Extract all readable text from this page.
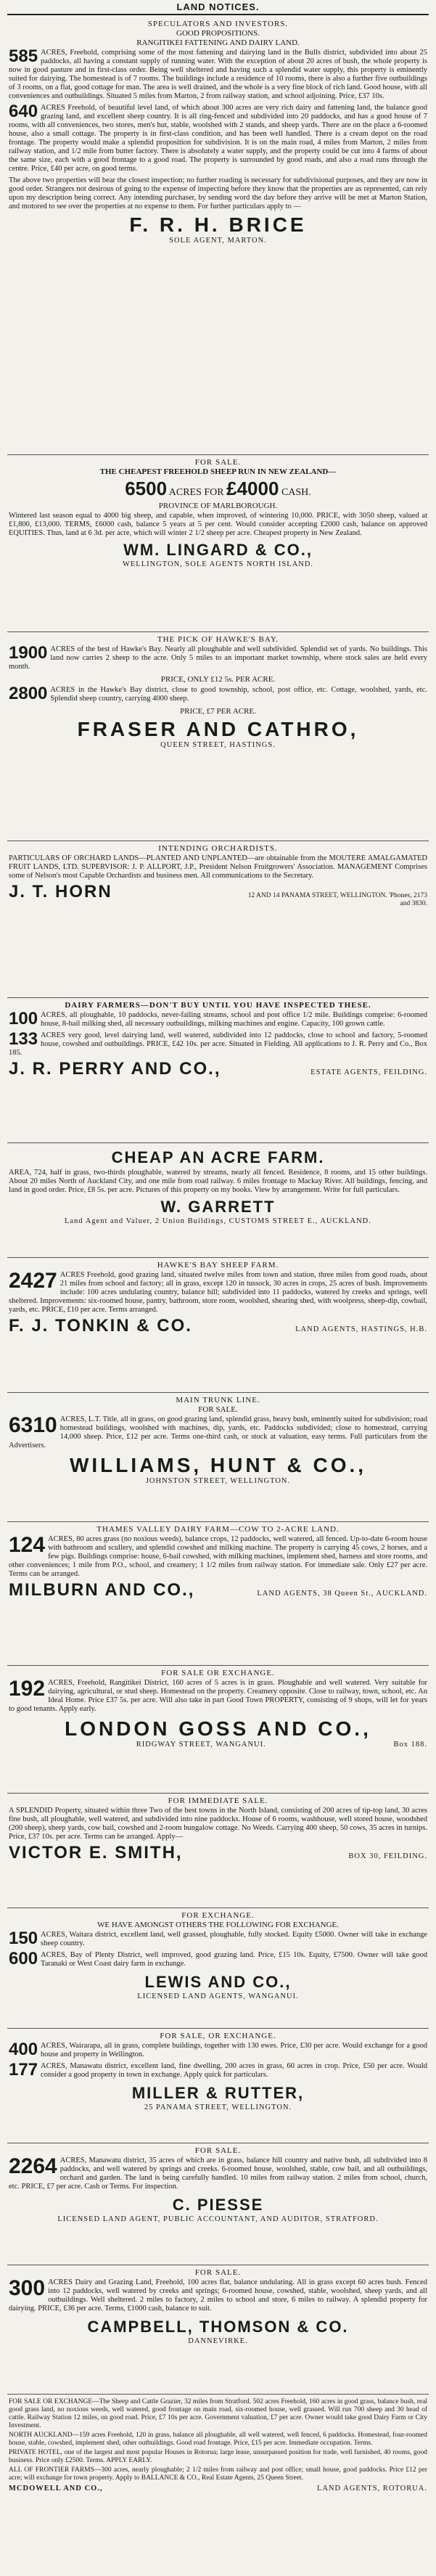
LAND NOTICES.
SPECULATORS AND INVESTORS.
GOOD PROPOSITIONS.
RANGITIKEI FATTENING AND DAIRY LAND.
585 ACRES, Freehold, comprising some of the most fattening and dairying land in the Bulls district, subdivided into about 25 paddocks, all having a constant supply of running water. With the exception of about 20 acres of bush, the whole property is now in good pasture and in first-class order. Being well sheltered and having such a splendid water supply, this property is eminently suited for dairying. The homestead is of 7 rooms. The buildings include a residence of 10 rooms, there is also a further five outbuildings of 3 rooms, on a flat, good cottage for man. The area is well drained, and the whole is a very fine block of rich land. Good house, with all conveniences and outbuildings. Situated 5 miles from Marton, 2 from railway station, and school adjoining. Price, £37 10s.
640 ACRES Freehold, of beautiful level land, of which about 300 acres are very rich dairy and fattening land, the balance good grazing land, and excellent sheep country. It is all ring-fenced and subdivided into 20 paddocks, and has a good house of 7 rooms, with all conveniences, two stores, men's hut, stable, woolshed with 2 stands, and sheep yards. There are on the place a 6-roomed house, also a small cottage. The property is in first-class condition, and has been well handled. There is a cream depot on the road frontage. The property would make a splendid proposition for subdivision. It is on the main road, 4 miles from Marton, 2 miles from railway station, and 1/2 mile from butter factory. There is absolutely a water supply, and the property could be cut into 4 farms of about the same size, each with a good frontage to a good road. The property is surrounded by good roads, and also a road runs through the centre. Price, £40 per acre, on good terms.
The above two properties will bear the closest inspection; no further roading is necessary for subdivisional purposes, and they are now in good order. Strangers not desirous of going to the expense of inspecting before they know that the properties are as represented, can rely upon my description being correct. Any intending purchaser, by sending word the day before they arrive will be met at Marton Station, and motored to see over the properties at no expense to them. For further particulars apply to —
F. R. H. BRICE
SOLE AGENT, MARTON.
FOR SALE.
THE CHEAPEST FREEHOLD SHEEP RUN IN NEW ZEALAND—
6500 ACRES FOR £4000 CASH.
PROVINCE OF MARLBOROUGH.
Wintered last season equal to 4000 big sheep, and capable, when improved, of wintering 10,000. PRICE, with 3050 sheep, valued at £1,800, £13,000. TERMS, £6000 cash, balance 5 years at 5 per cent. Would consider accepting £2000 cash, balance on approved EQUITIES. Thus, land at 6 3d. per acre, which will winter 2 1/2 sheep per acre. Cheapest property in New Zealand.
WM. LINGARD & CO.,
WELLINGTON, SOLE AGENTS NORTH ISLAND.
THE PICK OF HAWKE'S BAY.
1900 ACRES of the best of Hawke's Bay. Nearly all ploughable and well subdivided. Splendid set of yards. No buildings. This land now carries 2 sheep to the acre. Only 5 miles to an important market township, where stock sales are held every month.
PRICE, ONLY £12 5s. PER ACRE.
2800 ACRES in the Hawke's Bay district, close to good township, school, post office, etc. Cottage, woolshed, yards, etc. Splendid sheep country, carrying 4000 sheep.
PRICE, £7 PER ACRE.
FRASER AND CATHRO,
QUEEN STREET, HASTINGS.
INTENDING ORCHARDISTS.
PARTICULARS OF ORCHARD LANDS—PLANTED AND UNPLANTED—are obtainable from the MOUTERE AMALGAMATED FRUIT LANDS, LTD. SUPERVISOR: J. P. ALLPORT, J.P., President Nelson Fruitgrowers' Association. MANAGEMENT Comprises some of Nelson's most Capable Orchardists and business men. All communications to the Secretary.
J. T. HORN	12 AND 14 PANAMA STREET, WELLINGTON. 'Phones, 2173 and 3830.
DAIRY FARMERS—DON'T BUY UNTIL YOU HAVE INSPECTED THESE.
100 ACRES, all ploughable, 10 paddocks, never-failing streams, school and post office 1/2 mile. Buildings comprise: 6-roomed house, 8-bail milking shed, all necessary outbuildings, milking machines and engine. Capacity, 100 grown cattle.
133 ACRES very good, level dairying land, well watered, subdivided into 12 paddocks, close to school and factory, 5-roomed house, cowshed and outbuildings. PRICE, £42 10s. per acre. Situated in Fielding. All applications to J. R. Perry and Co., Box 185.
J. R. PERRY AND CO.,	ESTATE AGENTS, FEILDING.
CHEAP AN ACRE FARM.
AREA, 724, half in grass, two-thirds ploughable, watered by streams, nearly all fenced. Residence, 8 rooms, and 15 other buildings. About 20 miles North of Auckland City, and one mile from road railway. 6 miles frontage to Mackay River. All buildings, fencing, and land in good order. Price, £8 5s. per acre. Pictures of this property on my books. View by arrangement. Write for full particulars.
W. GARRETT
Land Agent and Valuer, 2 Union Buildings, CUSTOMS STREET E., AUCKLAND.
HAWKE'S BAY SHEEP FARM.
2427 ACRES Freehold, good grazing land, situated twelve miles from town and station, three miles from good roads, about 21 miles from school and factory; all in grass, except 120 in tussock, 30 acres in crops, 25 acres of bush. Improvements include: 100 acres undulating country, balance hill; subdivided into 11 paddocks, watered by creeks and springs, well sheltered. Improvements: six-roomed house, pantry, bathroom, store room, woolshed, shearing shed, with woolpress, sheep-dip, cowbail, yards, etc. PRICE, £10 per acre. Terms arranged.
F. J. TONKIN & CO.	LAND AGENTS, HASTINGS, H.B.
MAIN TRUNK LINE.
FOR SALE.
6310 ACRES, L.T. Title, all in grass, on good grazing land, splendid grass, heavy bush, eminently suited for subdivision; road homestead buildings, woolshed with machines, dip, yards, etc. Paddocks subdivided; close to homestead, carrying 14,000 sheep. Price, £12 per acre. Terms one-third cash, or stock at valuation, easy terms. Full particulars from the Advertisers.
WILLIAMS, HUNT & CO.,
JOHNSTON STREET, WELLINGTON.
THAMES VALLEY DAIRY FARM—COW TO 2-ACRE LAND.
124 ACRES, 80 acres grass (no noxious weeds), balance crops, 12 paddocks, well watered, all fenced. Up-to-date 6-room house with bathroom and scullery, and splendid cowshed and milking machine. The property is carrying 45 cows, 2 horses, and a few pigs. Buildings comprise: house, 6-bail cowshed, with milking machines, implement shed, harness and store rooms, and other conveniences; 1 mile from P.O., school, and creamery; 1 1/2 miles from railway station. For immediate sale. Only £27 per acre. Terms can be arranged.
MILBURN AND CO.,	LAND AGENTS, 38 Queen St., AUCKLAND.
FOR SALE OR EXCHANGE.
192 ACRES, Freehold, Rangitikei District, 160 acres of 5 acres is in grass. Ploughable and well watered. Very suitable for dairying, agricultural, or stud sheep. Homestead on the property. Creamery opposite. Close to railway, town, school, etc. An Ideal Home. Price £37 5s. per acre. Will also take in part Good Town PROPERTY, consisting of 9 shops, will let for years to good tenants. Apply early.
LONDON GOSS AND CO.,
RIDGWAY STREET, WANGANUI.	Box 188.
FOR IMMEDIATE SALE.
A SPLENDID Property, situated within three Two of the best towns in the North Island, consisting of 200 acres of tip-top land, 30 acres fine bush, all ploughable, well watered, and subdivided into nine paddocks. House of 6 rooms, washhouse, well stored house, woodshed (200 sheep), sheep yards, cow bail, cowshed and 2-room bungalow cottage. No Weeds. Carrying 400 sheep, 50 cows, 35 acres in turnips. Price, £37 10s. per acre. Terms can be arranged. Apply—
VICTOR E. SMITH,	BOX 30, FEILDING.
FOR EXCHANGE.
WE HAVE AMONGST OTHERS THE FOLLOWING FOR EXCHANGE.
150 ACRES, Waitara district, excellent land, well grassed, ploughable, fully stocked. Equity £5000. Owner will take in exchange sheep country.
600 ACRES, Bay of Plenty District, well improved, good grazing land. Price, £15 10s. Equity, £7500. Owner will take good Taranaki or West Coast dairy farm in exchange.
LEWIS AND CO.,
LICENSED LAND AGENTS, WANGANUI.
FOR SALE, OR EXCHANGE.
400 ACRES, Wairarapa, all in grass, complete buildings, together with 130 ewes. Price, £30 per acre. Would exchange for a good house and property in Wellington.
177 ACRES, Manawatu district, excellent land, fine dwelling, 200 acres in grass, 60 acres in crop. Price, £50 per acre. Would consider a good property in town in exchange. Apply quick for particulars.
MILLER & RUTTER,
25 PANAMA STREET, WELLINGTON.
FOR SALE.
2264 ACRES, Manawatu district, 35 acres of which are in grass, balance hill country and native bush, all subdivided into 8 paddocks, and well watered by springs and creeks. 6-roomed house, woolshed, stable, cow bail, and all outbuildings, orchard and garden. The land is being carefully handled. 10 miles from railway station. 2 miles from school, church, etc. PRICE, £7 per acre. Cash or Terms. For inspection.
C. PIESSE
LICENSED LAND AGENT, PUBLIC ACCOUNTANT, AND AUDITOR, STRATFORD.
FOR SALE.
300 ACRES Dairy and Grazing Land, Freehold, 100 acres flat, balance undulating. All in grass except 60 acres bush. Fenced into 12 paddocks, well watered by creeks and springs; 6-roomed house, cowshed, stable, woolshed, sheep yards, and all outbuildings. Well sheltered. 2 miles to factory, 2 miles to school and store, 6 miles to railway. A splendid property for dairying. PRICE, £36 per acre. Terms, £1000 cash, balance to suit.
CAMPBELL, THOMSON & CO.
DANNEVIRKE.
FOR SALE OR EXCHANGE—The Sheep and Cattle Grazier, 32 miles from Stratford. 502 acres Freehold, 160 acres in good grass, balance bush, real good grass land, no noxious weeds, well watered, good frontage on main road, six-roomed house, well grassed. Will run 700 sheep and 30 head of cattle. Railway Station 12 miles, on good road. Price, £7 10s per acre. Government valuation, £7 per acre. Owner would take good Dairy Farm or City Investment.
NORTH AUCKLAND—159 acres Freehold, 120 in grass, balance all ploughable, all well watered, well fenced, 6 paddocks. Homestead, four-roomed house, stable, cowshed, implement shed, other outbuildings. Good road frontage. Price, £15 per acre. Immediate occupation. Terms.
PRIVATE HOTEL, one of the largest and most popular Houses in Rotorua; large lease, unsurpassed position for trade, well furnished, 40 rooms, good business. Price only £2500. Terms. APPLY EARLY.
ALL OF FRONTIER FARMS—300 acres, nearly ploughable; 2 1/2 miles from railway and post office; small house, good paddocks. Price £12 per acre; will exchange for town property. Apply to BALLANCE & CO., Real Estate Agents, 25 Queen Street.
MCDOWELL AND CO.,	LAND AGENTS, ROTORUA.
